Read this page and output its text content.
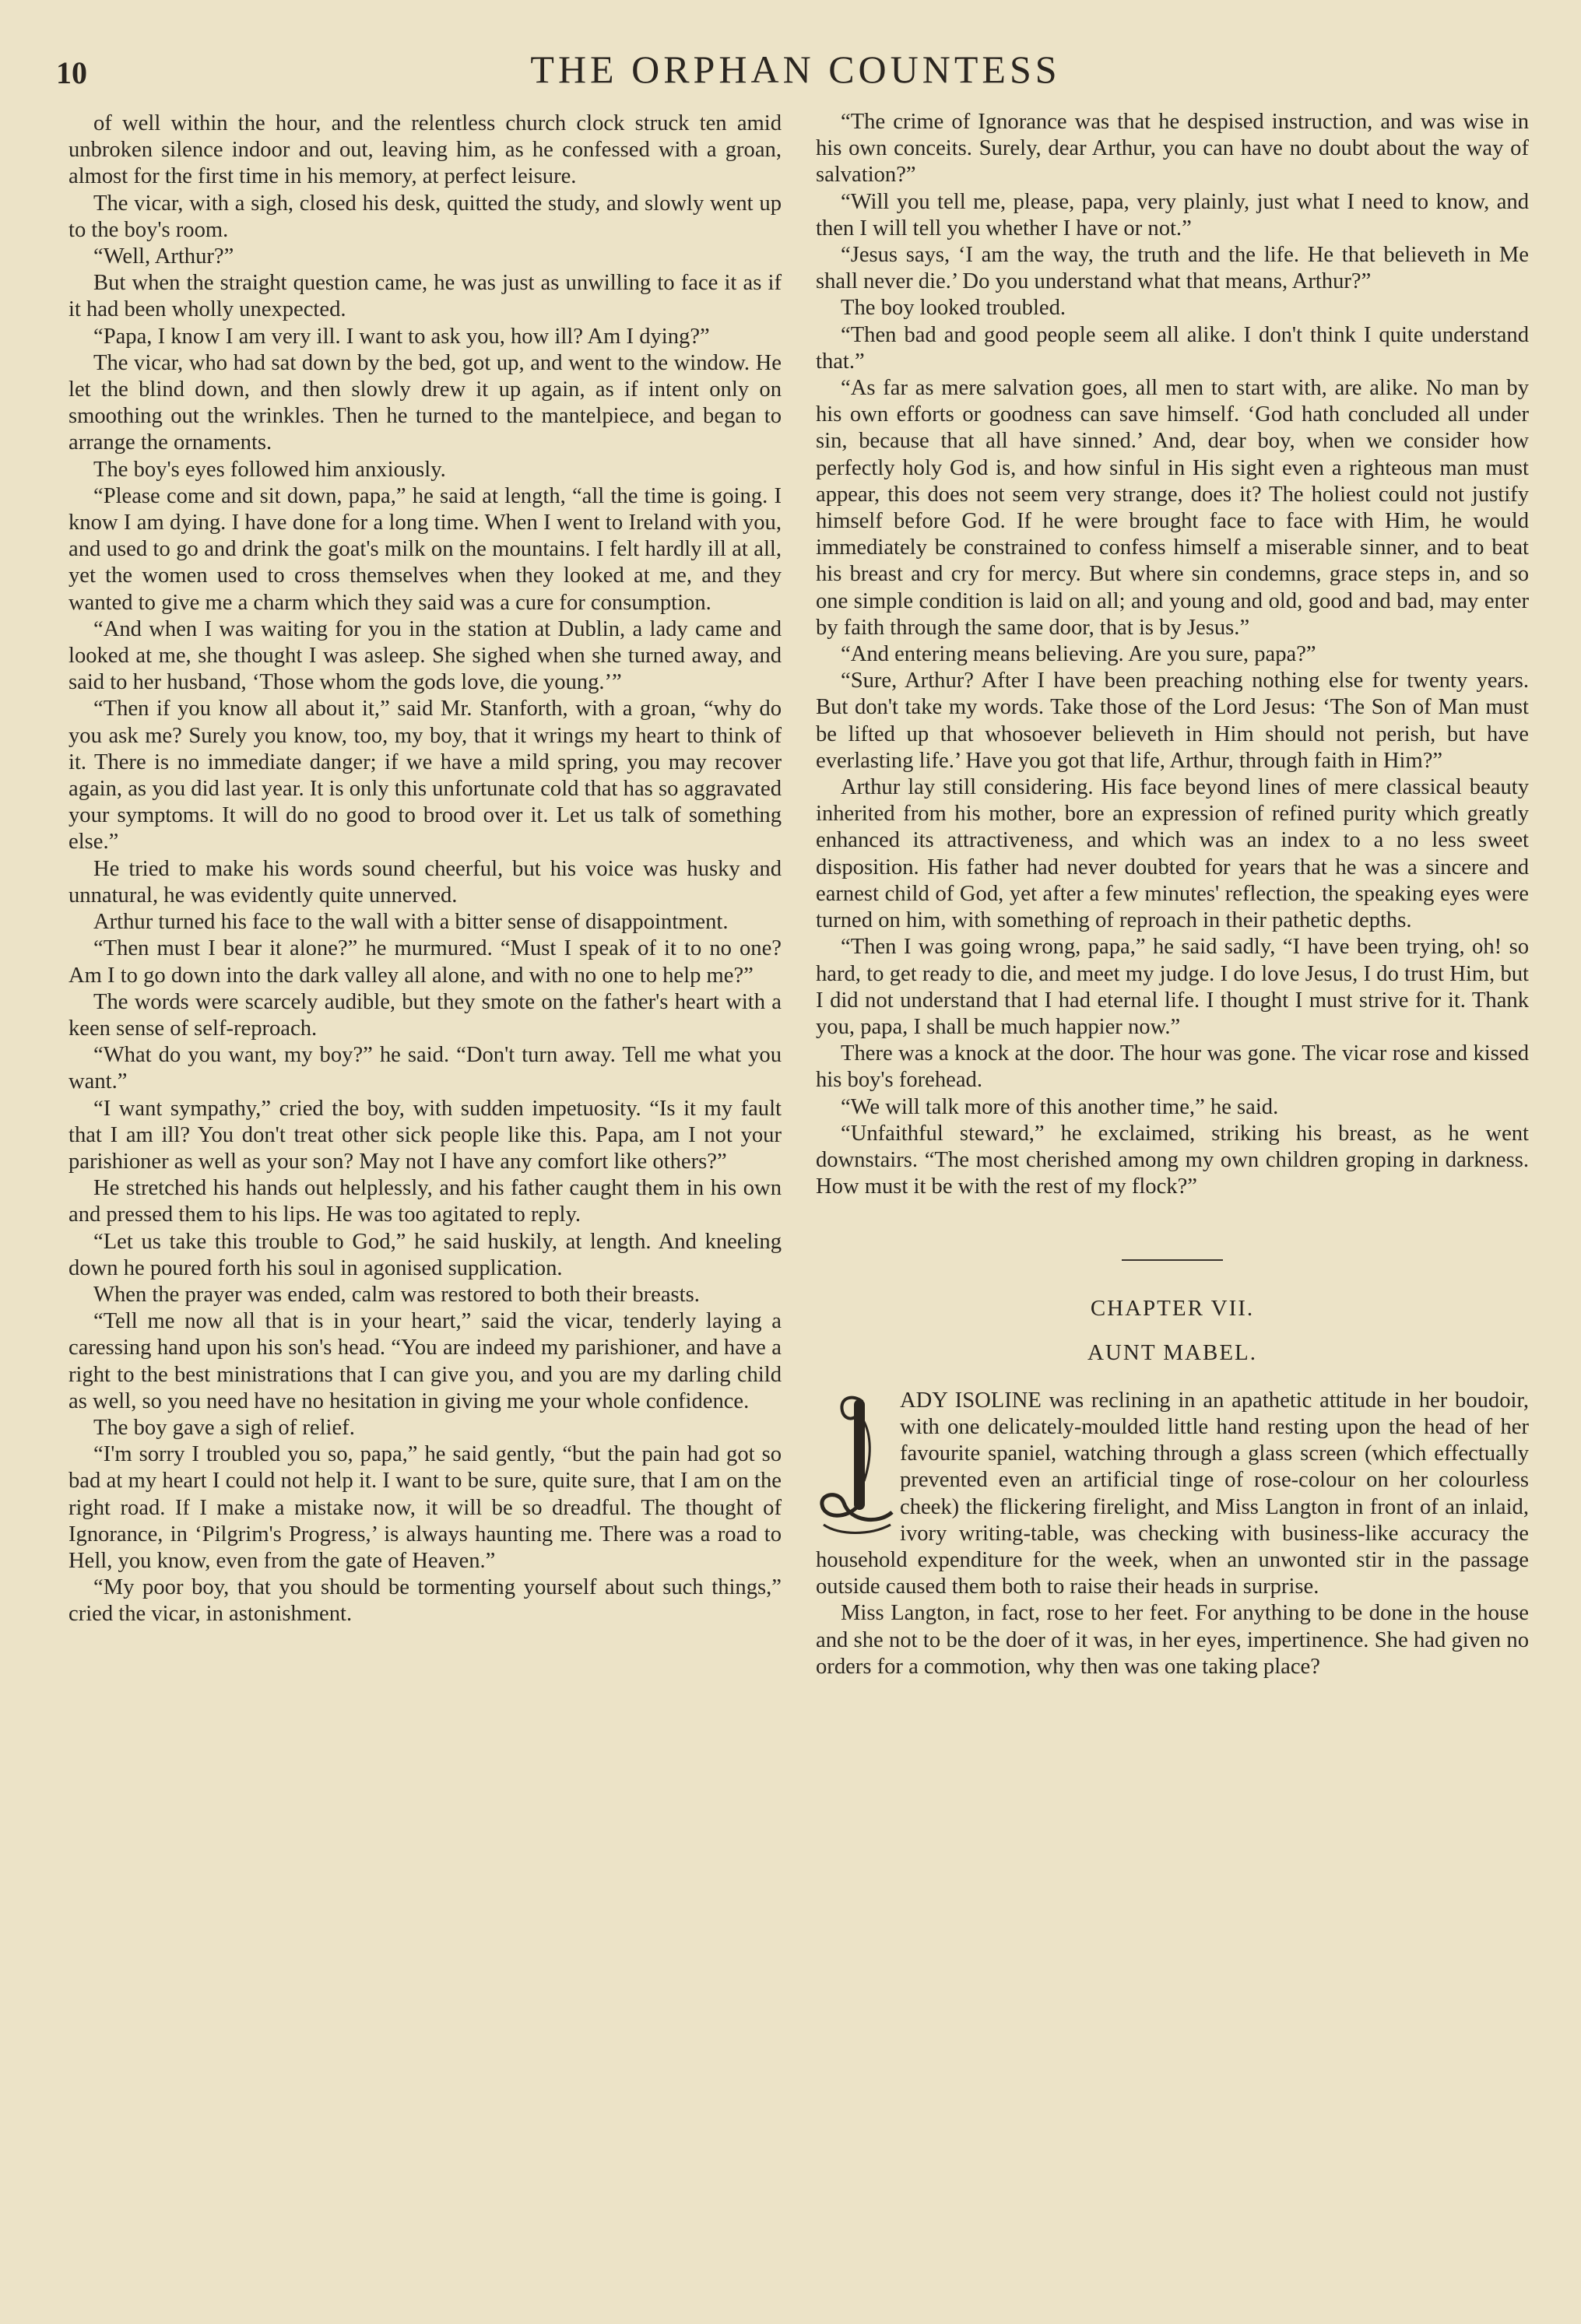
10	THE ORPHAN COUNTESS

of well within the hour, and the relentless church clock struck ten amid unbroken silence indoor and out, leaving him, as he confessed with a groan, almost for the first time in his memory, at perfect leisure.

The vicar, with a sigh, closed his desk, quitted the study, and slowly went up to the boy's room.

“Well, Arthur?”

But when the straight question came, he was just as unwilling to face it as if it had been wholly unexpected.

“Papa, I know I am very ill. I want to ask you, how ill? Am I dying?”

The vicar, who had sat down by the bed, got up, and went to the window. He let the blind down, and then slowly drew it up again, as if intent only on smoothing out the wrinkles. Then he turned to the mantelpiece, and began to arrange the ornaments.

The boy's eyes followed him anxiously.

“Please come and sit down, papa,” he said at length, “all the time is going. I know I am dying. I have done for a long time. When I went to Ireland with you, and used to go and drink the goat's milk on the mountains. I felt hardly ill at all, yet the women used to cross themselves when they looked at me, and they wanted to give me a charm which they said was a cure for consumption.

“And when I was waiting for you in the station at Dublin, a lady came and looked at me, she thought I was asleep. She sighed when she turned away, and said to her husband, ‘Those whom the gods love, die young.’”

“Then if you know all about it,” said Mr. Stanforth, with a groan, “why do you ask me? Surely you know, too, my boy, that it wrings my heart to think of it. There is no immediate danger; if we have a mild spring, you may recover again, as you did last year. It is only this unfortunate cold that has so aggravated your symptoms. It will do no good to brood over it. Let us talk of something else.”

He tried to make his words sound cheerful, but his voice was husky and unnatural, he was evidently quite unnerved.

Arthur turned his face to the wall with a bitter sense of disappointment.

“Then must I bear it alone?” he murmured. “Must I speak of it to no one? Am I to go down into the dark valley all alone, and with no one to help me?”

The words were scarcely audible, but they smote on the father's heart with a keen sense of self-reproach.

“What do you want, my boy?” he said. “Don't turn away. Tell me what you want.”

“I want sympathy,” cried the boy, with sudden impetuosity. “Is it my fault that I am ill? You don't treat other sick people like this. Papa, am I not your parishioner as well as your son? May not I have any comfort like others?”

He stretched his hands out helplessly, and his father caught them in his own and pressed them to his lips. He was too agitated to reply.

“Let us take this trouble to God,” he said huskily, at length. And kneeling down he poured forth his soul in agonised supplication.

When the prayer was ended, calm was restored to both their breasts.

“Tell me now all that is in your heart,” said the vicar, tenderly laying a caressing hand upon his son's head. “You are indeed my parishioner, and have a right to the best ministrations that I can give you, and you are my darling child as well, so you need have no hesitation in giving me your whole confidence.

The boy gave a sigh of relief.

“I'm sorry I troubled you so, papa,” he said gently, “but the pain had got so bad at my heart I could not help it. I want to be sure, quite sure, that I am on the right road. If I make a mistake now, it will be so dreadful. The thought of Ignorance, in ‘Pilgrim's Progress,’ is always haunting me. There was a road to Hell, you know, even from the gate of Heaven.”

“My poor boy, that you should be tormenting yourself about such things,” cried the vicar, in astonishment.

“The crime of Ignorance was that he despised instruction, and was wise in his own conceits. Surely, dear Arthur, you can have no doubt about the way of salvation?”

“Will you tell me, please, papa, very plainly, just what I need to know, and then I will tell you whether I have or not.”

“Jesus says, ‘I am the way, the truth and the life. He that believeth in Me shall never die.’ Do you understand what that means, Arthur?”

The boy looked troubled.

“Then bad and good people seem all alike. I don't think I quite understand that.”

“As far as mere salvation goes, all men to start with, are alike. No man by his own efforts or goodness can save himself. ‘God hath concluded all under sin, because that all have sinned.’ And, dear boy, when we consider how perfectly holy God is, and how sinful in His sight even a righteous man must appear, this does not seem very strange, does it? The holiest could not justify himself before God. If he were brought face to face with Him, he would immediately be constrained to confess himself a miserable sinner, and to beat his breast and cry for mercy. But where sin condemns, grace steps in, and so one simple condition is laid on all; and young and old, good and bad, may enter by faith through the same door, that is by Jesus.”

“And entering means believing. Are you sure, papa?”

“Sure, Arthur? After I have been preaching nothing else for twenty years. But don't take my words. Take those of the Lord Jesus: ‘The Son of Man must be lifted up that whosoever believeth in Him should not perish, but have everlasting life.’ Have you got that life, Arthur, through faith in Him?”

Arthur lay still considering. His face beyond lines of mere classical beauty inherited from his mother, bore an expression of refined purity which greatly enhanced its attractiveness, and which was an index to a no less sweet disposition. His father had never doubted for years that he was a sincere and earnest child of God, yet after a few minutes' reflection, the speaking eyes were turned on him, with something of reproach in their pathetic depths.

“Then I was going wrong, papa,” he said sadly, “I have been trying, oh! so hard, to get ready to die, and meet my judge. I do love Jesus, I do trust Him, but I did not understand that I had eternal life. I thought I must strive for it. Thank you, papa, I shall be much happier now.”

There was a knock at the door. The hour was gone. The vicar rose and kissed his boy's forehead.

“We will talk more of this another time,” he said.

“Unfaithful steward,” he exclaimed, striking his breast, as he went downstairs. “The most cherished among my own children groping in darkness. How must it be with the rest of my flock?”

CHAPTER VII.
AUNT MABEL.

ADY ISOLINE was reclining in an apathetic attitude in her boudoir, with one delicately-moulded little hand resting upon the head of her favourite spaniel, watching through a glass screen (which effectually prevented even an artificial tinge of rose-colour on her colourless cheek) the flickering firelight, and Miss Langton in front of an inlaid, ivory writing-table, was checking with business-like accuracy the household expenditure for the week, when an unwonted stir in the passage outside caused them both to raise their heads in surprise.

Miss Langton, in fact, rose to her feet. For anything to be done in the house and she not to be the doer of it was, in her eyes, impertinence. She had given no orders for a commotion, why then was one taking place?
